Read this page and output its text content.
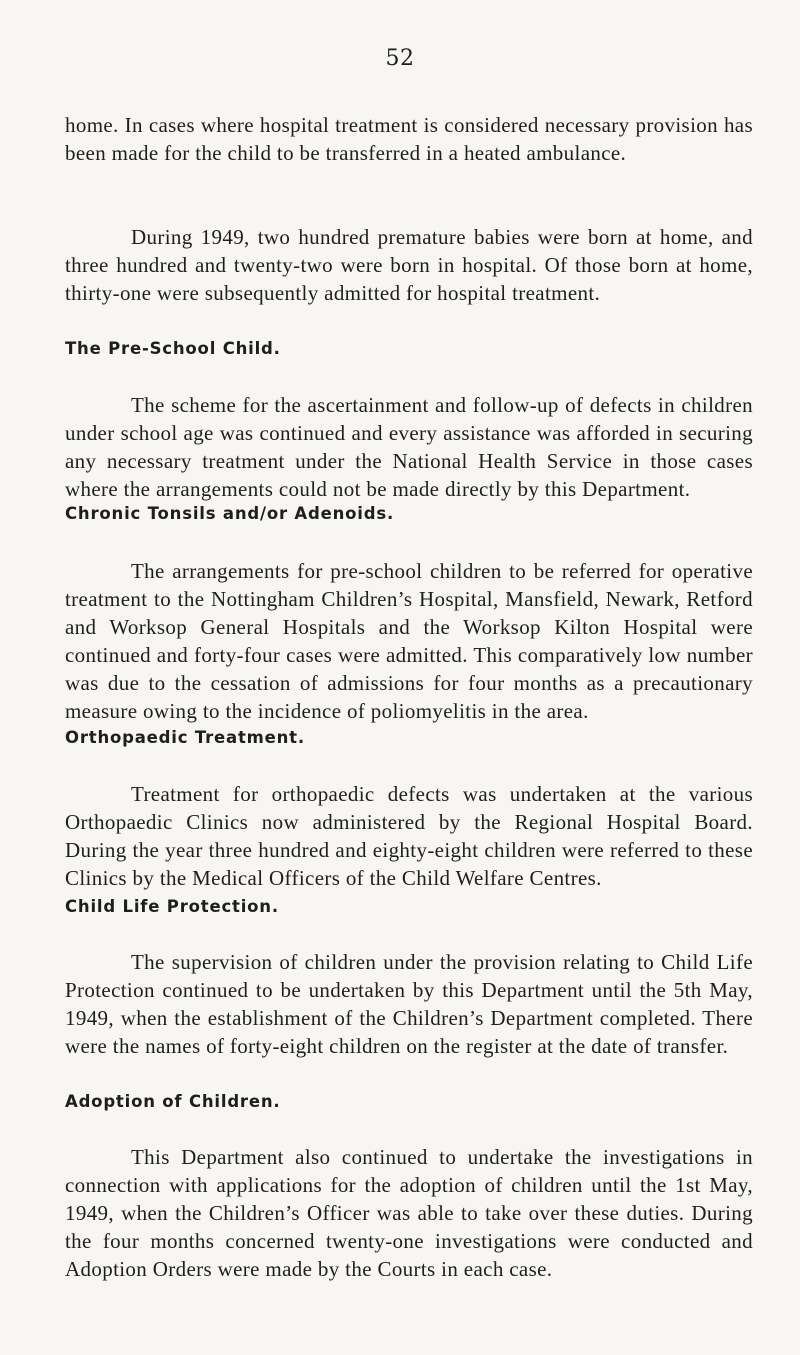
52

home. In cases where hospital treatment is considered necessary provision has been made for the child to be transferred in a heated ambulance.

During 1949, two hundred premature babies were born at home, and three hundred and twenty-two were born in hospital. Of those born at home, thirty-one were subsequently admitted for hospital treatment.

The Pre-School Child.

The scheme for the ascertainment and follow-up of defects in children under school age was continued and every assistance was afforded in securing any necessary treatment under the National Health Service in those cases where the arrangements could not be made directly by this Department.

Chronic Tonsils and/or Adenoids.

The arrangements for pre-school children to be referred for operative treatment to the Nottingham Children’s Hospital, Mansfield, Newark, Retford and Worksop General Hospitals and the Worksop Kilton Hospital were continued and forty-four cases were admitted. This comparatively low number was due to the cessation of admissions for four months as a precautionary measure owing to the incidence of poliomyelitis in the area.

Orthopaedic Treatment.

Treatment for orthopaedic defects was undertaken at the various Orthopaedic Clinics now administered by the Regional Hospital Board. During the year three hundred and eighty-eight children were referred to these Clinics by the Medical Officers of the Child Welfare Centres.

Child Life Protection.

The supervision of children under the provision relating to Child Life Protection continued to be undertaken by this Department until the 5th May, 1949, when the establishment of the Children’s Department completed. There were the names of forty-eight children on the register at the date of transfer.

Adoption of Children.

This Department also continued to undertake the investigations in connection with applications for the adoption of children until the 1st May, 1949, when the Children’s Officer was able to take over these duties. During the four months concerned twenty-one investigations were conducted and Adoption Orders were made by the Courts in each case.
